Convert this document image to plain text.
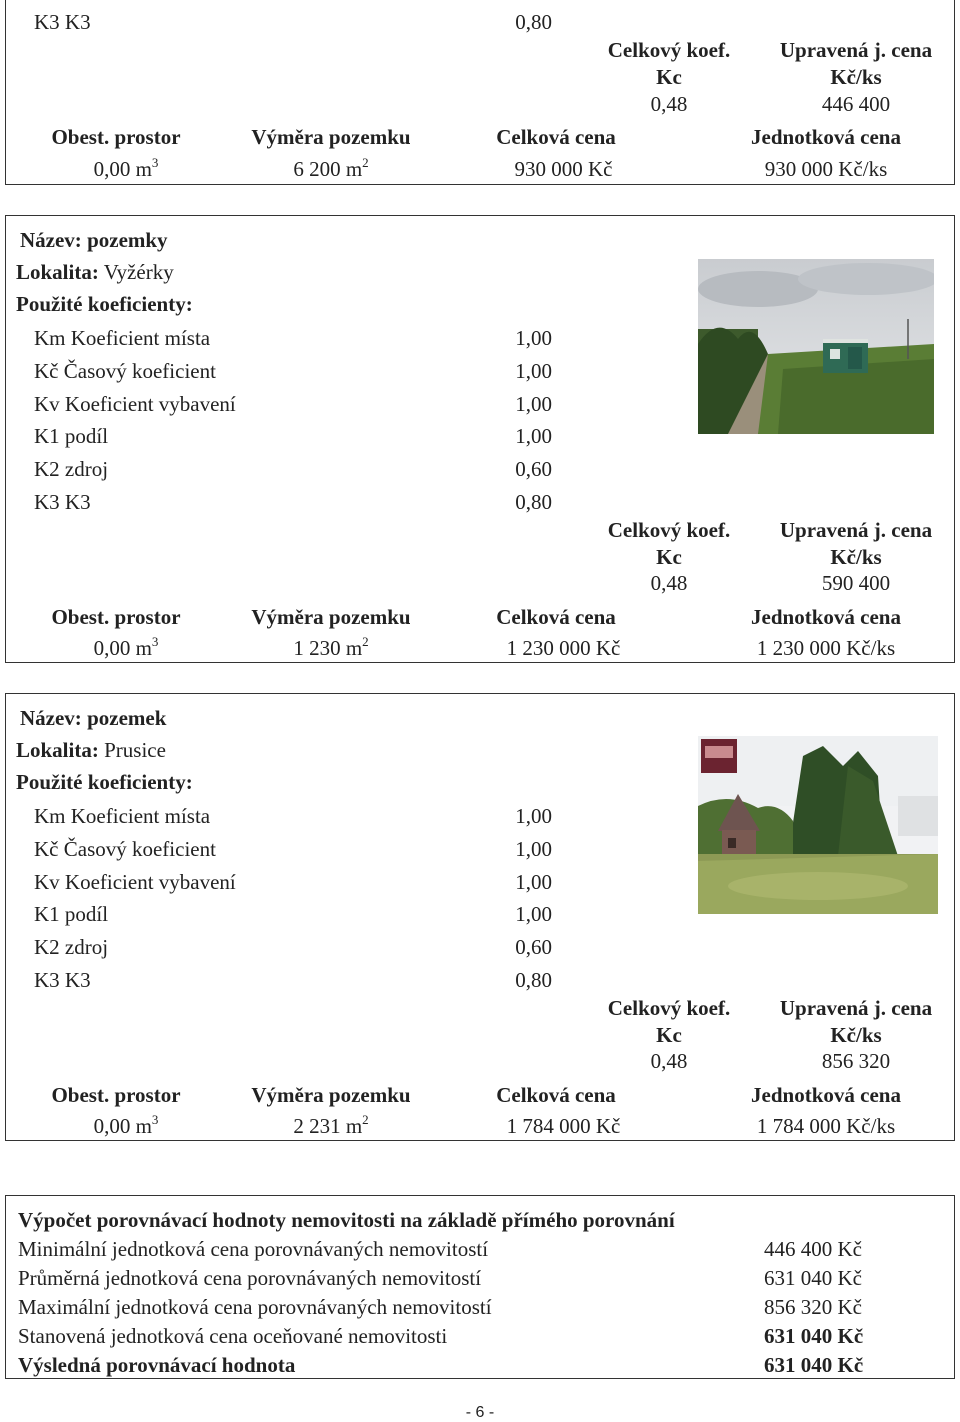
K3 K3	0,80
Celkový koef.	Upravená j. cena
Kc	Kč/ks
0,48	446 400
Obest. prostor	Výměra pozemku	Celková cena	Jednotková cena
0,00 $m^3$	6 200 $m^2$	930 000 Kč	930 000 Kč/ks
Název: pozemky
Lokalita: Vyžérky
Použité koeficienty:
Km Koeficient místa	1,00
Kč Časový koeficient	1,00
Kv Koeficient vybavení	1,00
K1 podíl	1,00
K2 zdroj	0,60
K3 K3	0,80
Celkový koef.	Upravená j. cena
Kc	Kč/ks
0,48	590 400
Obest. prostor	Výměra pozemku	Celková cena	Jednotková cena
0,00 $m^3$	1 230 $m^2$	1 230 000 Kč	1 230 000 Kč/ks
Název: pozemek
Lokalita: Prusice
Použité koeficienty:
Km Koeficient místa	1,00
Kč Časový koeficient	1,00
Kv Koeficient vybavení	1,00
K1 podíl	1,00
K2 zdroj	0,60
K3 K3	0,80
Celkový koef.	Upravená j. cena
Kc	Kč/ks
0,48	856 320
Obest. prostor	Výměra pozemku	Celková cena	Jednotková cena
0,00 $m^3$	2 231 $m^2$	1 784 000 Kč	1 784 000 Kč/ks
Výpočet porovnávací hodnoty nemovitosti na základě přímého porovnání
Minimální jednotková cena porovnávaných nemovitostí	446 400 Kč
Průměrná jednotková cena porovnávaných nemovitostí	631 040 Kč
Maximální jednotková cena porovnávaných nemovitostí	856 320 Kč
Stanovená jednotková cena oceňované nemovitosti	631 040 Kč
Výsledná porovnávací hodnota	631 040 Kč
- 6 -
